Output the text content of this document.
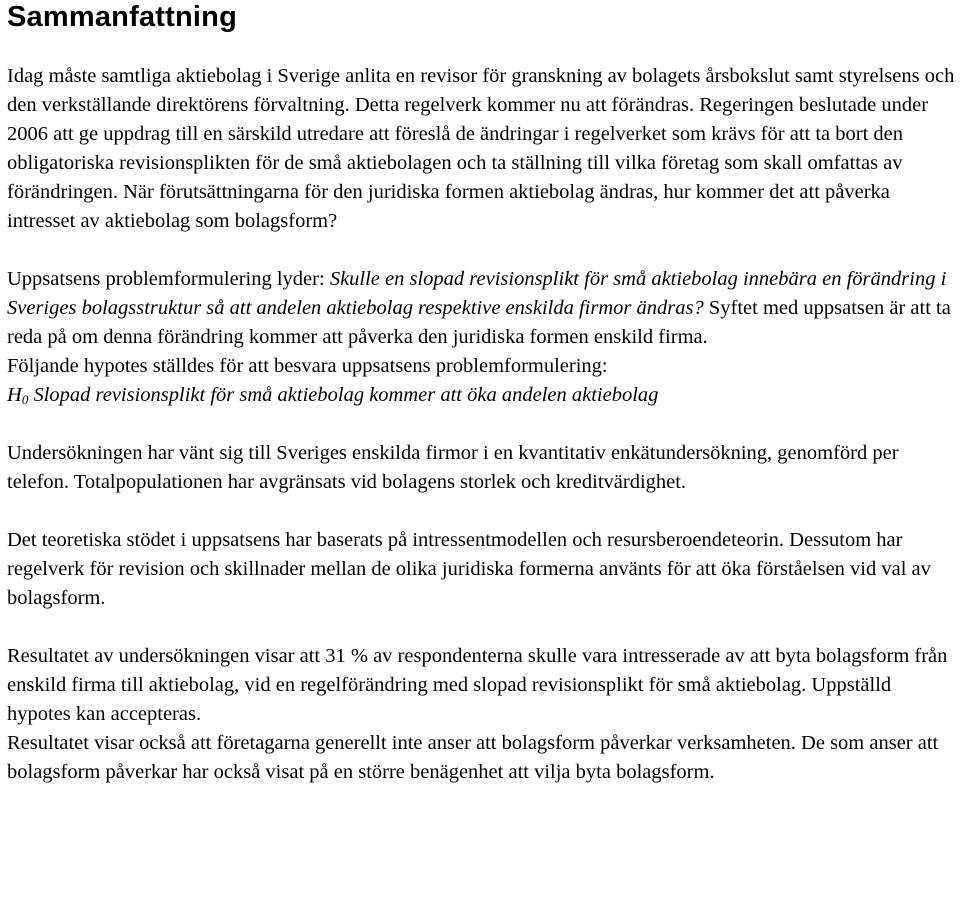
Sammanfattning

Idag måste samtliga aktiebolag i Sverige anlita en revisor för granskning av bolagets årsbokslut samt styrelsens och den verkställande direktörens förvaltning. Detta regelverk kommer nu att förändras. Regeringen beslutade under 2006 att ge uppdrag till en särskild utredare att föreslå de ändringar i regelverket som krävs för att ta bort den obligatoriska revisionsplikten för de små aktiebolagen och ta ställning till vilka företag som skall omfattas av förändringen. När förutsättningarna för den juridiska formen aktiebolag ändras, hur kommer det att påverka intresset av aktiebolag som bolagsform?

Uppsatsens problemformulering lyder: Skulle en slopad revisionsplikt för små aktiebolag innebära en förändring i Sveriges bolagsstruktur så att andelen aktiebolag respektive enskilda firmor ändras? Syftet med uppsatsen är att ta reda på om denna förändring kommer att påverka den juridiska formen enskild firma.

Följande hypotes ställdes för att besvara uppsatsens problemformulering:

$H_0$ Slopad revisionsplikt för små aktiebolag kommer att öka andelen aktiebolag

Undersökningen har vänt sig till Sveriges enskilda firmor i en kvantitativ enkätundersökning, genomförd per telefon. Totalpopulationen har avgränsats vid bolagens storlek och kreditvärdighet.

Det teoretiska stödet i uppsatsens har baserats på intressentmodellen och resursberoendeteorin. Dessutom har regelverk för revision och skillnader mellan de olika juridiska formerna använts för att öka förståelsen vid val av bolagsform.

Resultatet av undersökningen visar att 31 % av respondenterna skulle vara intresserade av att byta bolagsform från enskild firma till aktiebolag, vid en regelförändring med slopad revisionsplikt för små aktiebolag. Uppställd hypotes kan accepteras.

Resultatet visar också att företagarna generellt inte anser att bolagsform påverkar verksamheten. De som anser att bolagsform påverkar har också visat på en större benägenhet att vilja byta bolagsform.
